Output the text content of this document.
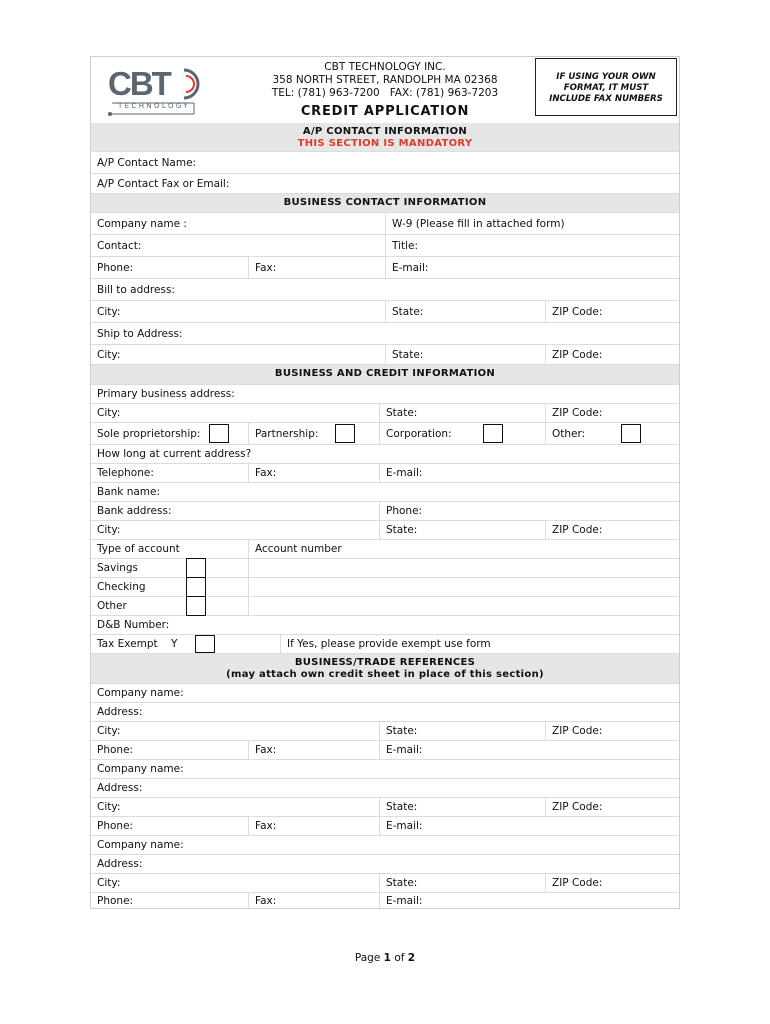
CBT
TECHNOLOGY
CBT TECHNOLOGY INC.
358 NORTH STREET, RANDOLPH MA 02368
TEL: (781) 963-7200   FAX: (781) 963-7203
CREDIT APPLICATION
IF USING YOUR OWN
FORMAT, IT MUST
INCLUDE FAX NUMBERS
A/P CONTACT INFORMATION
THIS SECTION IS MANDATORY
A/P Contact Name:
A/P Contact Fax or Email:
BUSINESS CONTACT INFORMATION
Company name :	W-9 (Please fill in attached form)
Contact:	Title:
Phone:	Fax:	E-mail:
Bill to address:
City:	State:	ZIP Code:
Ship to Address:
City:	State:	ZIP Code:
BUSINESS AND CREDIT INFORMATION
Primary business address:
City:	State:	ZIP Code:
Sole proprietorship:	Partnership:	Corporation:	Other:
How long at current address?
Telephone:	Fax:	E-mail:
Bank name:
Bank address:	Phone:
City:	State:	ZIP Code:
Type of account	Account number
Savings
Checking
Other
D&B Number:
Tax Exempt    Y	If Yes, please provide exempt use form
BUSINESS/TRADE REFERENCES
(may attach own credit sheet in place of this section)
Company name:
Address:
City:	State:	ZIP Code:
Phone:	Fax:	E-mail:
Company name:
Address:
City:	State:	ZIP Code:
Phone:	Fax:	E-mail:
Company name:
Address:
City:	State:	ZIP Code:
Phone:	Fax:	E-mail:
Page 1 of 2
